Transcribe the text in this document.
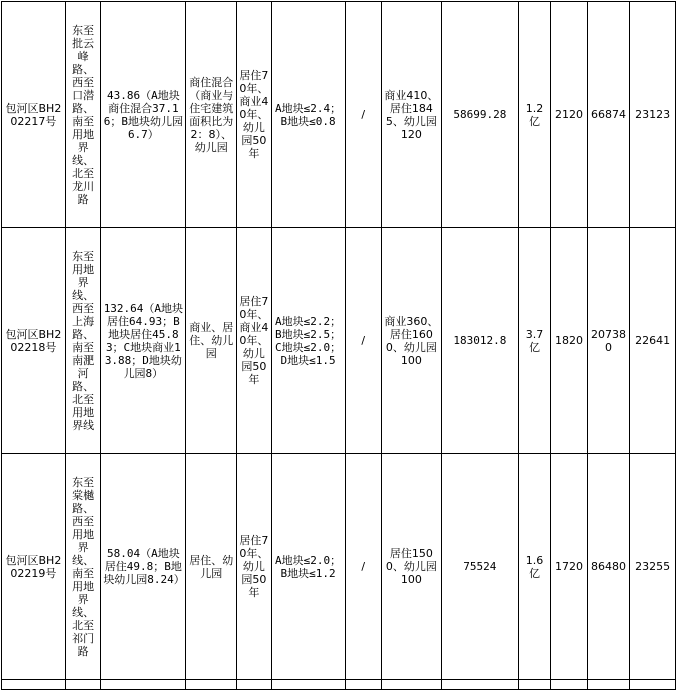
包河区BH202217号	东至批云峰路、西至口潜路、南至用地界线、北至龙川路	43.86（A地块商住混合37.16；B地块幼儿园6.7）	商住混合（商业与住宅建筑面积比为2：8）、幼儿园	居住70年、商业40年、幼儿园50年	A地块≤2.4；B地块≤0.8	/	商业410、居住1845、幼儿园120	58699.28	1.2亿	2120	66874	23123
包河区BH202218号	东至用地界线、西至上海路、南至南淝河路、北至用地界线	132.64（A地块居住64.93；B地块居住45.83；C地块商业13.88；D地块幼儿园8）	商业、居住、幼儿园	居住70年、商业40年、幼儿园50年	A地块≤2.2；B地块≤2.5；C地块≤2.0；D地块≤1.5	/	商业360、居住1600、幼儿园100	183012.8	3.7亿	1820	207380	22641
包河区BH202219号	东至棠樾路、西至用地界线、南至用地界线、北至祁门路	58.04（A地块居住49.8；B地块幼儿园8.24）	居住、幼儿园	居住70年、幼儿园50年	A地块≤2.0；B地块≤1.2	/	居住1500、幼儿园100	75524	1.6亿	1720	86480	23255
